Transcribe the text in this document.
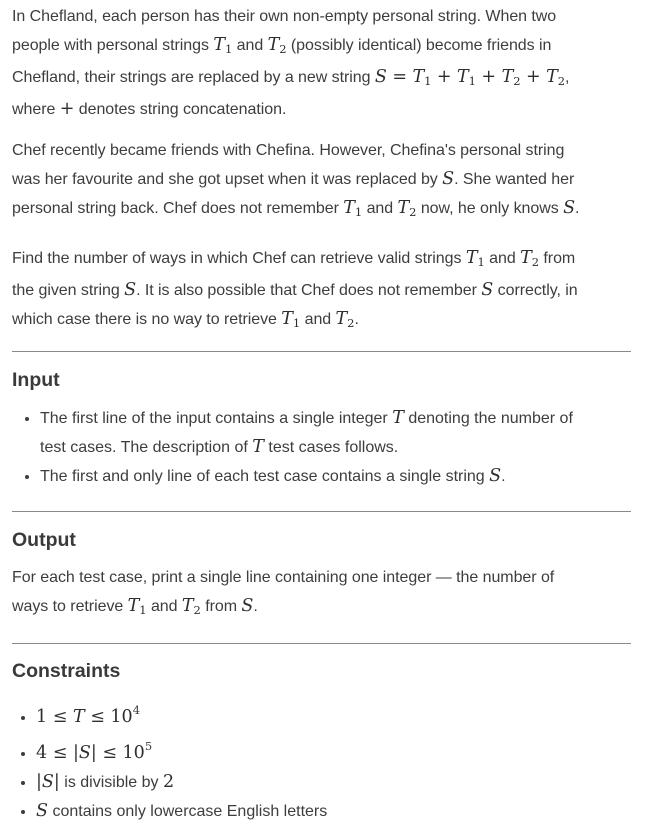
In Chefland, each person has their own non-empty personal string. When two

people with personal strings $T_1$ and $T_2$ (possibly identical) become friends in

Chefland, their strings are replaced by a new string $S = T_1 + T_1 + T_2 + T_2$,

where + denotes string concatenation.

Chef recently became friends with Chefina. However, Chefina's personal string

was her favourite and she got upset when it was replaced by S. She wanted her

personal string back. Chef does not remember $T_1$ and $T_2$ now, he only knows S.

Find the number of ways in which Chef can retrieve valid strings $T_1$ and $T_2$ from

the given string S. It is also possible that Chef does not remember S correctly, in

which case there is no way to retrieve $T_1$ and $T_2$.

Input
• The first line of the input contains a single integer T denoting the number of
test cases. The description of T test cases follows.
• The first and only line of each test case contains a single string S.
Output

For each test case, print a single line containing one integer — the number of

ways to retrieve $T_1$ and $T_2$ from S.

Constraints
• $1 \le T \le 10^4$
• $4 \le |S| \le 10^5$
• |S| is divisible by 2
• S contains only lowercase English letters
